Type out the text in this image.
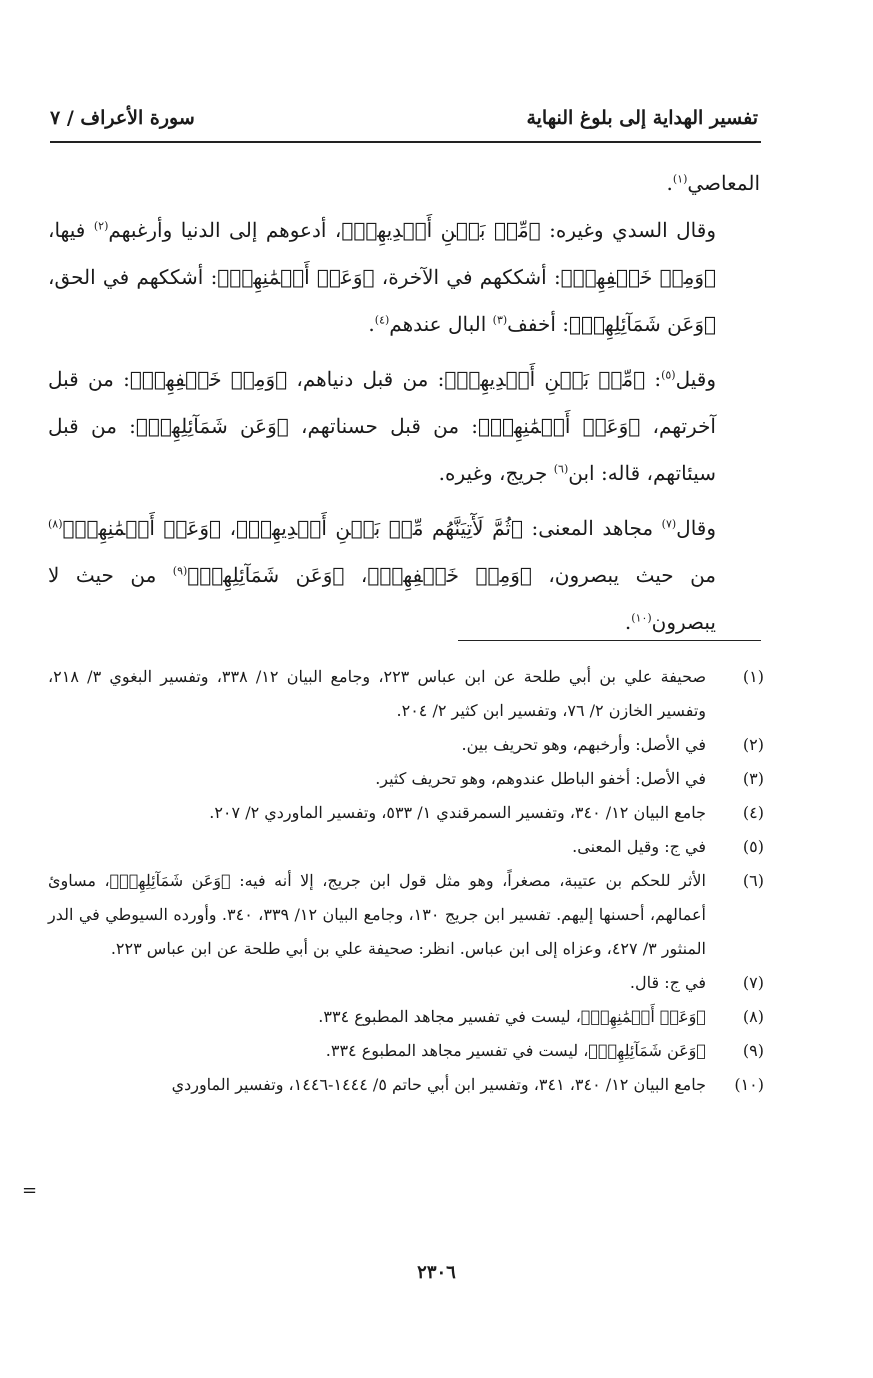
تفسير الهداية إلى بلوغ النهاية
سورة الأعراف / ٧

المعاصي$^{(١)}$.

وقال السدي وغيره: ﴿مِّنۢ بَيۡنِ أَيۡدِيهِمۡ﴾، أدعوهم إلى الدنيا وأرغبهم$^{(٢)}$ فيها، ﴿وَمِنۡ خَلۡفِهِمۡ﴾: أشككهم في الآخرة، ﴿وَعَنۡ أَيۡمَٰنِهِمۡ﴾: أشككهم في الحق، ﴿وَعَن شَمَآئِلِهِمۡ﴾: أخفف$^{(٣)}$ البال عندهم$^{(٤)}$.

وقيل$^{(٥)}$: ﴿مِّنۢ بَيۡنِ أَيۡدِيهِمۡ﴾: من قبل دنياهم، ﴿وَمِنۡ خَلۡفِهِمۡ﴾: من قبل آخرتهم، ﴿وَعَنۡ أَيۡمَٰنِهِمۡ﴾: من قبل حسناتهم، ﴿وَعَن شَمَآئِلِهِمۡ﴾: من قبل سيئاتهم، قاله: ابن$^{(٦)}$ جريج، وغيره.

وقال$^{(٧)}$ مجاهد المعنى: ﴿ثُمَّ لَأٓتِيَنَّهُم مِّنۢ بَيۡنِ أَيۡدِيهِمۡ﴾، ﴿وَعَنۡ أَيۡمَٰنِهِمۡ﴾$^{(٨)}$ من حيث يبصرون، ﴿وَمِنۡ خَلۡفِهِمۡ﴾، ﴿وَعَن شَمَآئِلِهِمۡ﴾$^{(٩)}$ من حيث لا يبصرون$^{(١٠)}$.

(١)
صحيفة علي بن أبي طلحة عن ابن عباس ٢٢٣، وجامع البيان ١٢/ ٣٣٨، وتفسير البغوي ٣/ ٢١٨، وتفسير الخازن ٢/ ٧٦، وتفسير ابن كثير ٢/ ٢٠٤.
(٢)
في الأصل: وأرخبهم، وهو تحريف بين.
(٣)
في الأصل: أخفو الباطل عندوهم، وهو تحريف كثير.
(٤)
جامع البيان ١٢/ ٣٤٠، وتفسير السمرقندي ١/ ٥٣٣، وتفسير الماوردي ٢/ ٢٠٧.
(٥)
في ج: وقيل المعنى.
(٦)
الأثر للحكم بن عتيبة، مصغراً، وهو مثل قول ابن جريج، إلا أنه فيه: ﴿وَعَن شَمَآئِلِهِمۡ﴾، مساوئ أعمالهم، أحسنها إليهم. تفسير ابن جريج ١٣٠، وجامع البيان ١٢/ ٣٣٩، ٣٤٠. وأورده السيوطي في الدر المنثور ٣/ ٤٢٧، وعزاه إلى ابن عباس. انظر: صحيفة علي بن أبي طلحة عن ابن عباس ٢٢٣.
(٧)
في ج: قال.
(٨)
﴿وَعَنۡ أَيۡمَٰنِهِمۡ﴾، ليست في تفسير مجاهد المطبوع ٣٣٤.
(٩)
﴿وَعَن شَمَآئِلِهِمۡ﴾، ليست في تفسير مجاهد المطبوع ٣٣٤.
(١٠)
جامع البيان ١٢/ ٣٤٠، ٣٤١، وتفسير ابن أبي حاتم ٥/ ١٤٤٤-١٤٤٦، وتفسير الماوردي
=
٢٣٠٦
